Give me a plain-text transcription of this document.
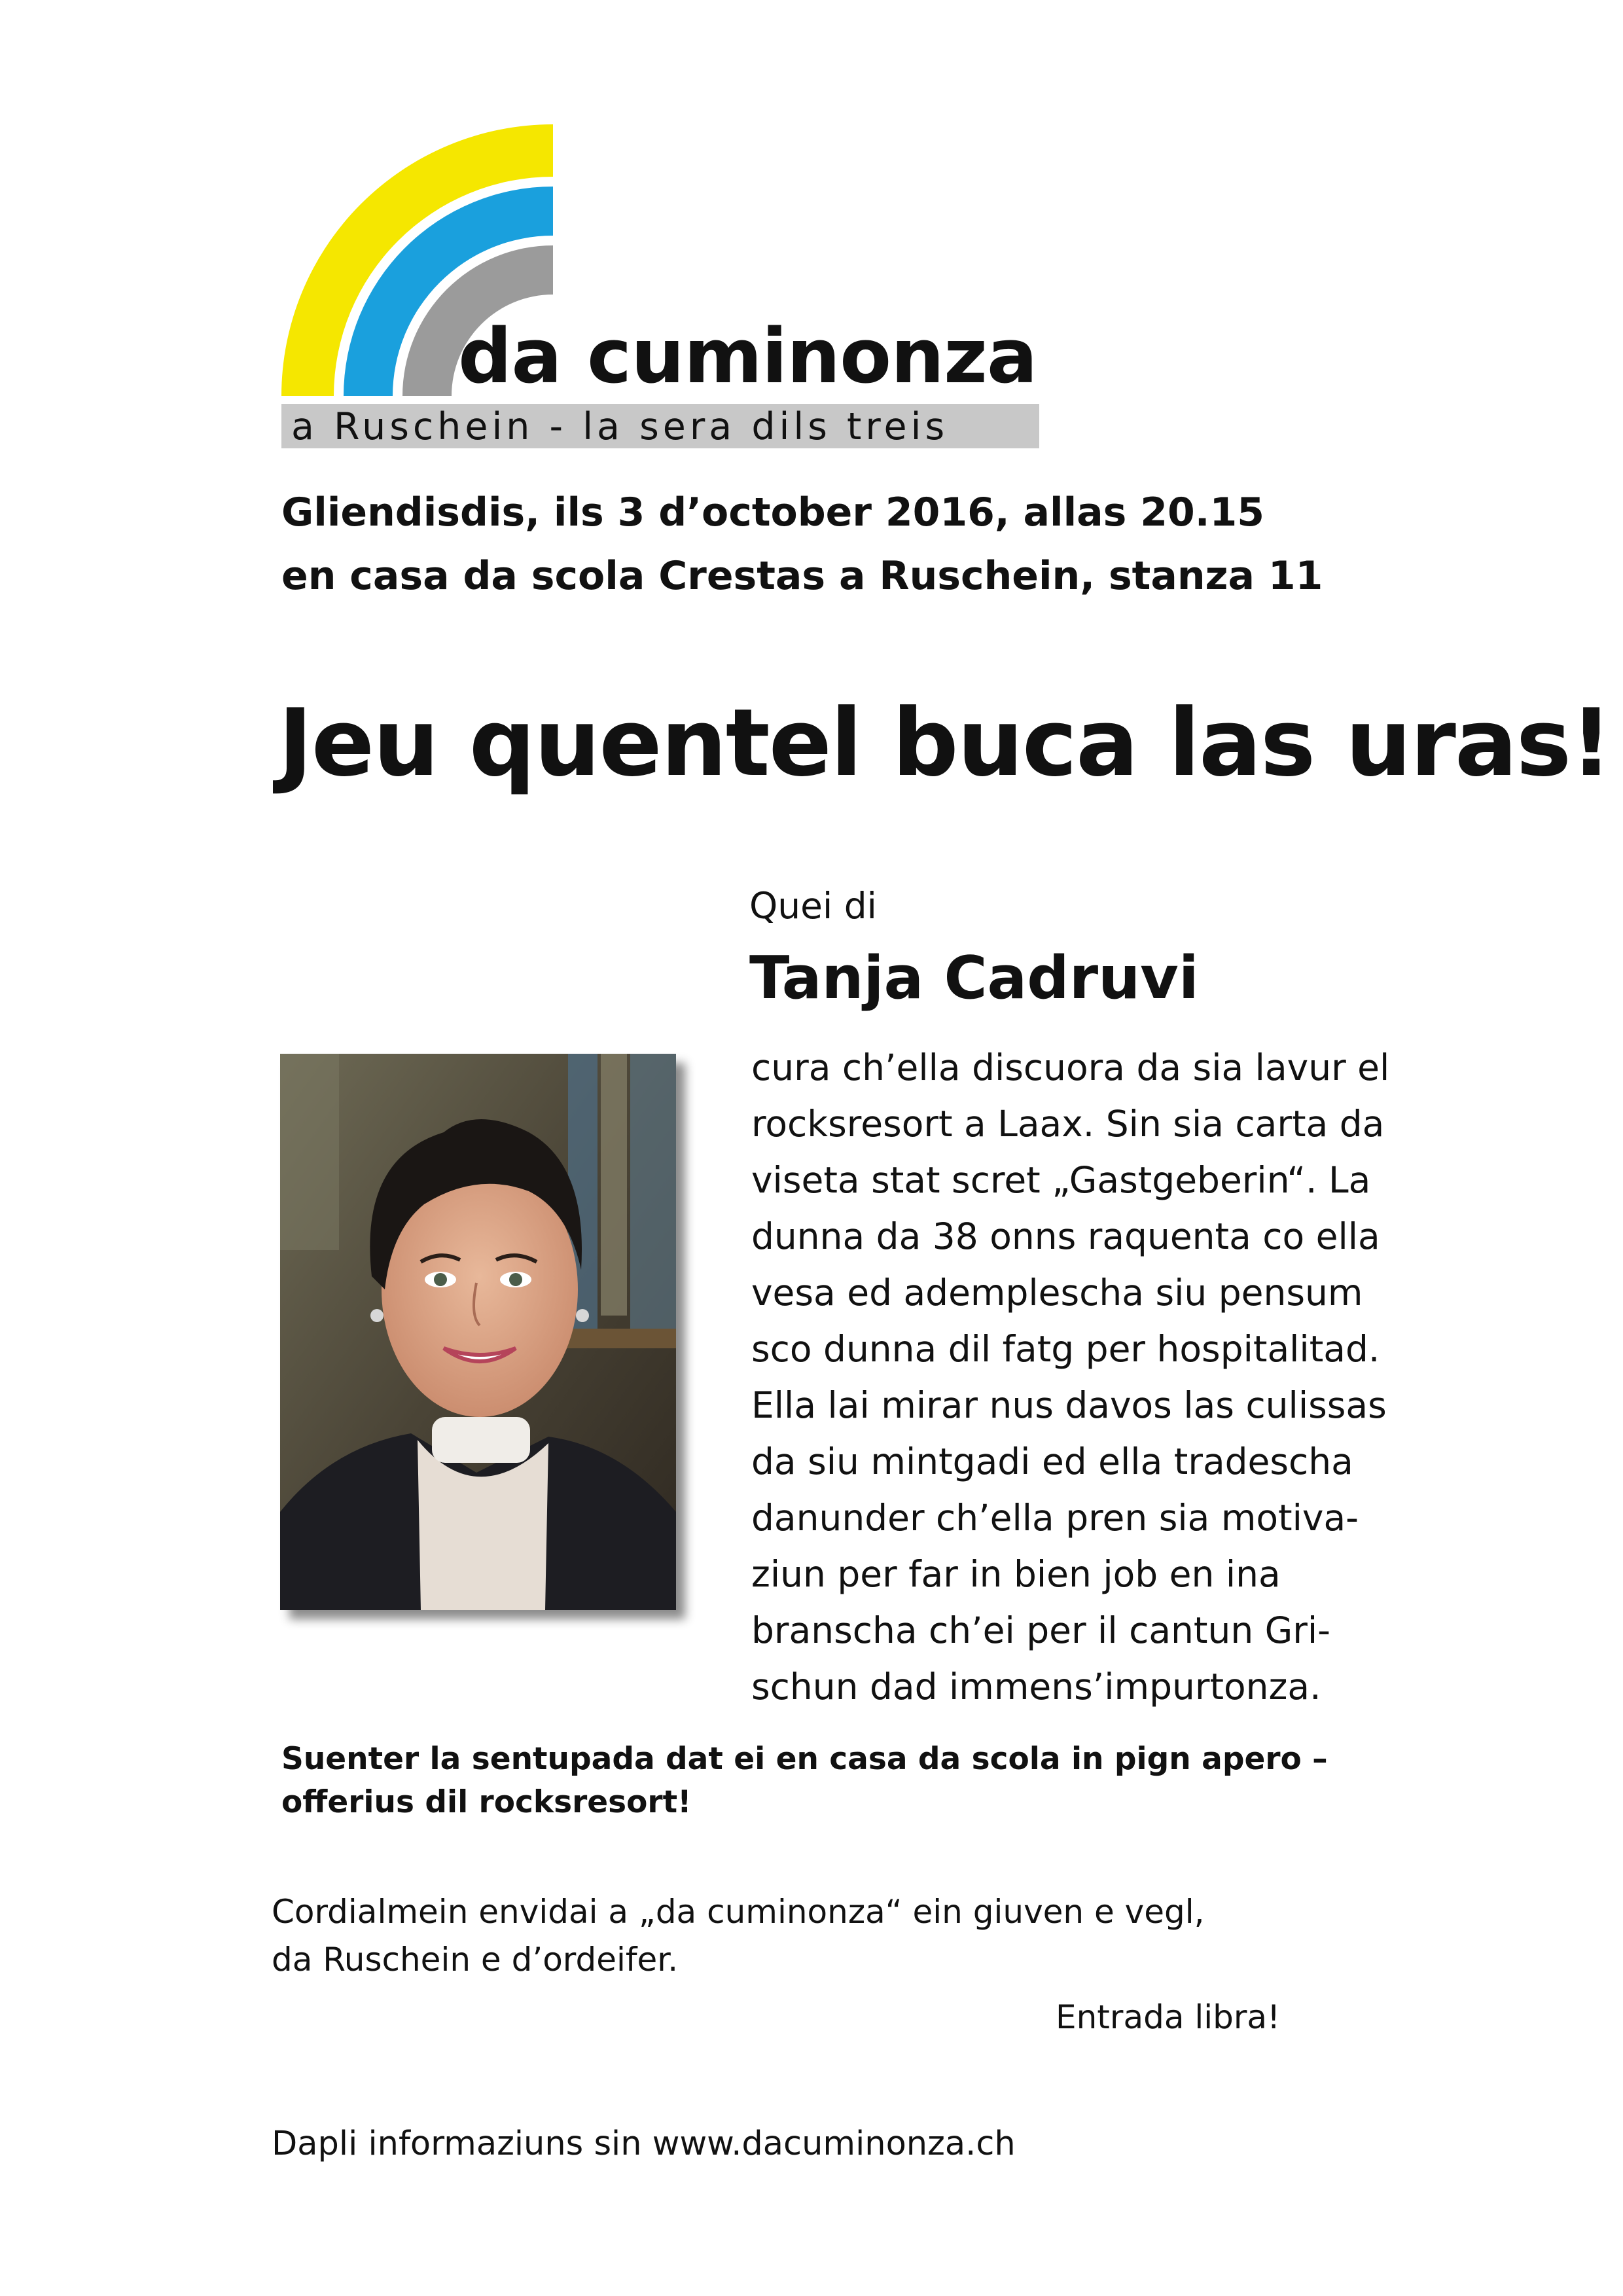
da cuminonza
a Ruschein - la sera dils treis
Gliendisdis, ils 3 d’october 2016, allas 20.15
en casa da scola Crestas a Ruschein, stanza 11
Jeu quentel buca las uras!
Quei di
Tanja Cadruvi
cura ch’ella discuora da sia lavur el
rocksresort a Laax. Sin sia carta da
viseta stat scret „Gastgeberin“. La
dunna da 38 onns raquenta co ella
vesa ed ademplescha siu pensum
sco dunna dil fatg per hospitalitad.
Ella lai mirar nus davos las culissas
da siu mintgadi ed ella tradescha
danunder ch’ella pren sia motiva-
ziun per far in bien job en ina
branscha ch’ei per il cantun Gri-
schun dad immens’impurtonza.
Suenter la sentupada dat ei en casa da scola in pign apero –
offerius dil rocksresort!
Cordialmein envidai a „da cuminonza“ ein giuven e vegl,
da Ruschein e d’ordeifer.
Entrada libra!
Dapli informaziuns sin www.dacuminonza.ch
